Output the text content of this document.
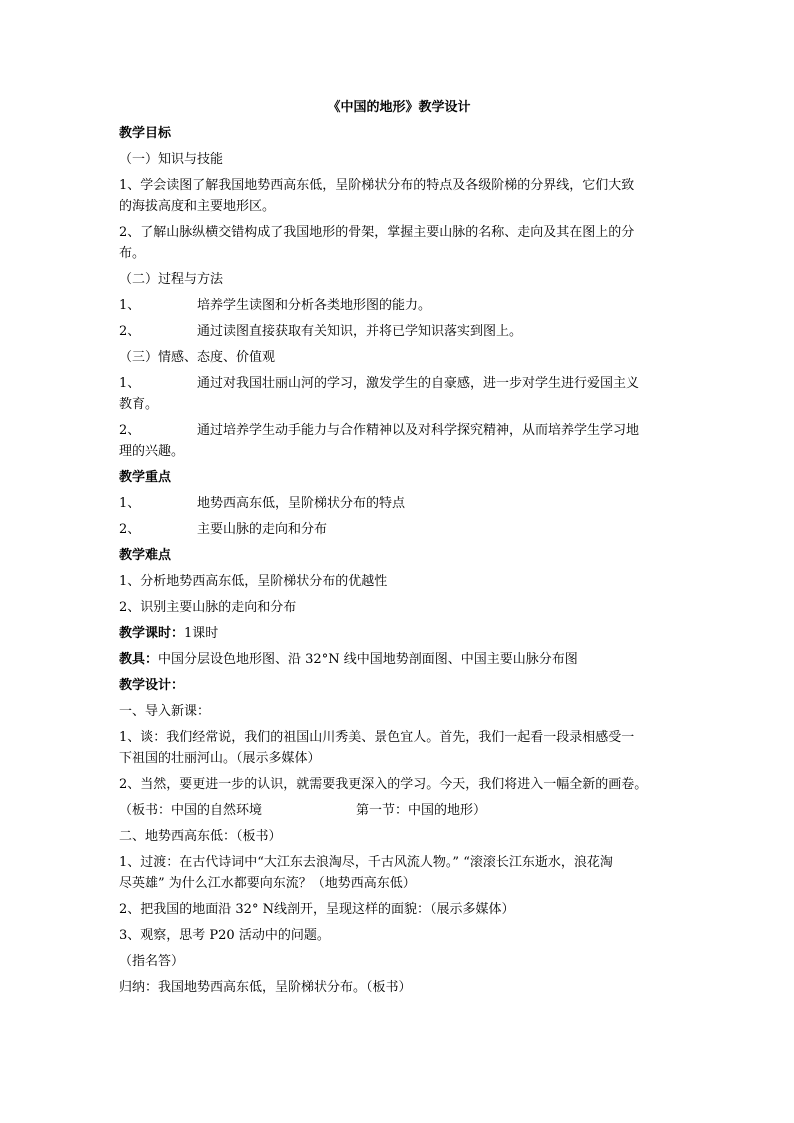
《中国的地形》教学设计
教学目标
（一）知识与技能
1、学会读图了解我国地势西高东低，呈阶梯状分布的特点及各级阶梯的分界线，它们大致
的海拔高度和主要地形区。
2、了解山脉纵横交错构成了我国地形的骨架，掌握主要山脉的名称、走向及其在图上的分
布。
（二）过程与方法
1、	培养学生读图和分析各类地形图的能力。
2、	通过读图直接获取有关知识，并将已学知识落实到图上。
（三）情感、态度、价值观
1、	通过对我国壮丽山河的学习，激发学生的自豪感，进一步对学生进行爱国主义
教育。
2、	通过培养学生动手能力与合作精神以及对科学探究精神，从而培养学生学习地
理的兴趣。
教学重点
1、	地势西高东低，呈阶梯状分布的特点
2、	主要山脉的走向和分布
教学难点
1、分析地势西高东低，呈阶梯状分布的优越性
2、识别主要山脉的走向和分布
教学课时：1课时
教具：中国分层设色地形图、沿 32°N 线中国地势剖面图、中国主要山脉分布图
教学设计：
一、导入新课：
1、谈：我们经常说，我们的祖国山川秀美、景色宜人。首先，我们一起看一段录相感受一
下祖国的壮丽河山。（展示多媒体）
2、当然，要更进一步的认识，就需要我更深入的学习。今天，我们将进入一幅全新的画卷。
（板书：中国的自然环境	第一节：中国的地形）
二、地势西高东低：（板书）
1、过渡：在古代诗词中“大江东去浪淘尽，千古风流人物。” “滚滚长江东逝水，浪花淘
尽英雄” 为什么江水都要向东流？（地势西高东低）
2、把我国的地面沿 32° N线剖开，呈现这样的面貌：（展示多媒体）
3、观察，思考 P20 活动中的问题。
（指名答）
归纳：我国地势西高东低，呈阶梯状分布。（板书）
